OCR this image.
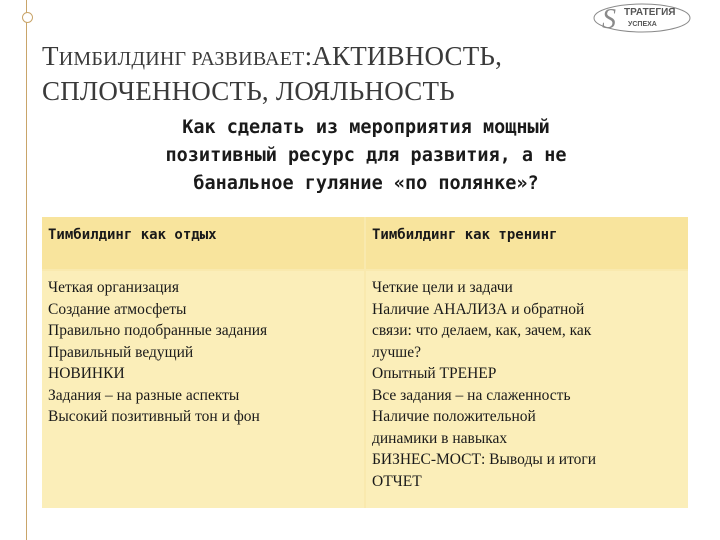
S ТРАТЕГИЯ
УСПЕХА
ТИМБИЛДИНГ РАЗВИВАЕТ:АКТИВНОСТЬ,
СПЛОЧЕННОСТЬ, ЛОЯЛЬНОСТЬ
Как сделать из мероприятия мощный
позитивный ресурс для развития, а не
банальное гуляние «по полянке»?
Тимбилдинг как отдых	Тимбилдинг как тренинг
Четкая организация
Создание атмосфеты
Правильно подобранные задания
Правильный ведущий
НОВИНКИ
Задания – на разные аспекты
Высокий позитивный тон и фон
Четкие цели и задачи
Наличие АНАЛИЗА и обратной
связи: что делаем, как, зачем, как
лучше?
Опытный ТРЕНЕР
Все задания – на слаженность
Наличие положительной
динамики в навыках
БИЗНЕС-МОСТ: Выводы и итоги
ОТЧЕТ
